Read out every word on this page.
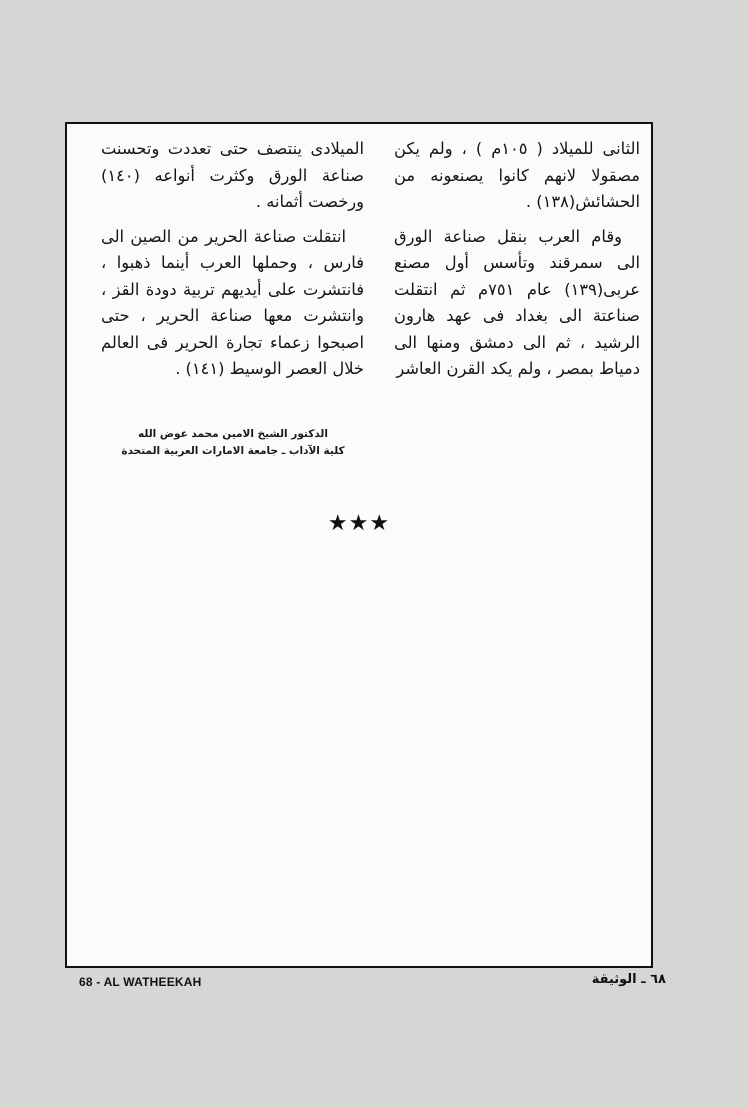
الثانى للميلاد ( ١٠٥م ) ، ولم يكن مصقولا لانهم كانوا يصنعونه من الحشائش(١٣٨) .

وقام العرب بنقل صناعة الورق الى سمرقند وتأسس أول مصنع عربى(١٣٩) عام ٧٥١م ثم انتقلت صناعتة الى بغداد فى عهد هارون الرشيد ، ثم الى دمشق ومنها الى دمياط بمصر ، ولم يكد القرن العاشر

الميلادى ينتصف حتى تعددت وتحسنت صناعة الورق وكثرت أنواعه (١٤٠) ورخصت أثمانه .

انتقلت صناعة الحرير من الصين الى فارس ، وحملها العرب أينما ذهبوا ، فانتشرت على أيديهم تربية دودة القز ، وانتشرت معها صناعة الحرير ، حتى اصبحوا زعماء تجارة الحرير فى العالم خلال العصر الوسيط (١٤١) .

الدكتور الشيخ الامين محمد عوض الله
كلية الآداب ـ جامعة الامارات العربية المتحدة
★★★
68 - AL WATHEEKAH	٦٨ ـ الوثيقة
